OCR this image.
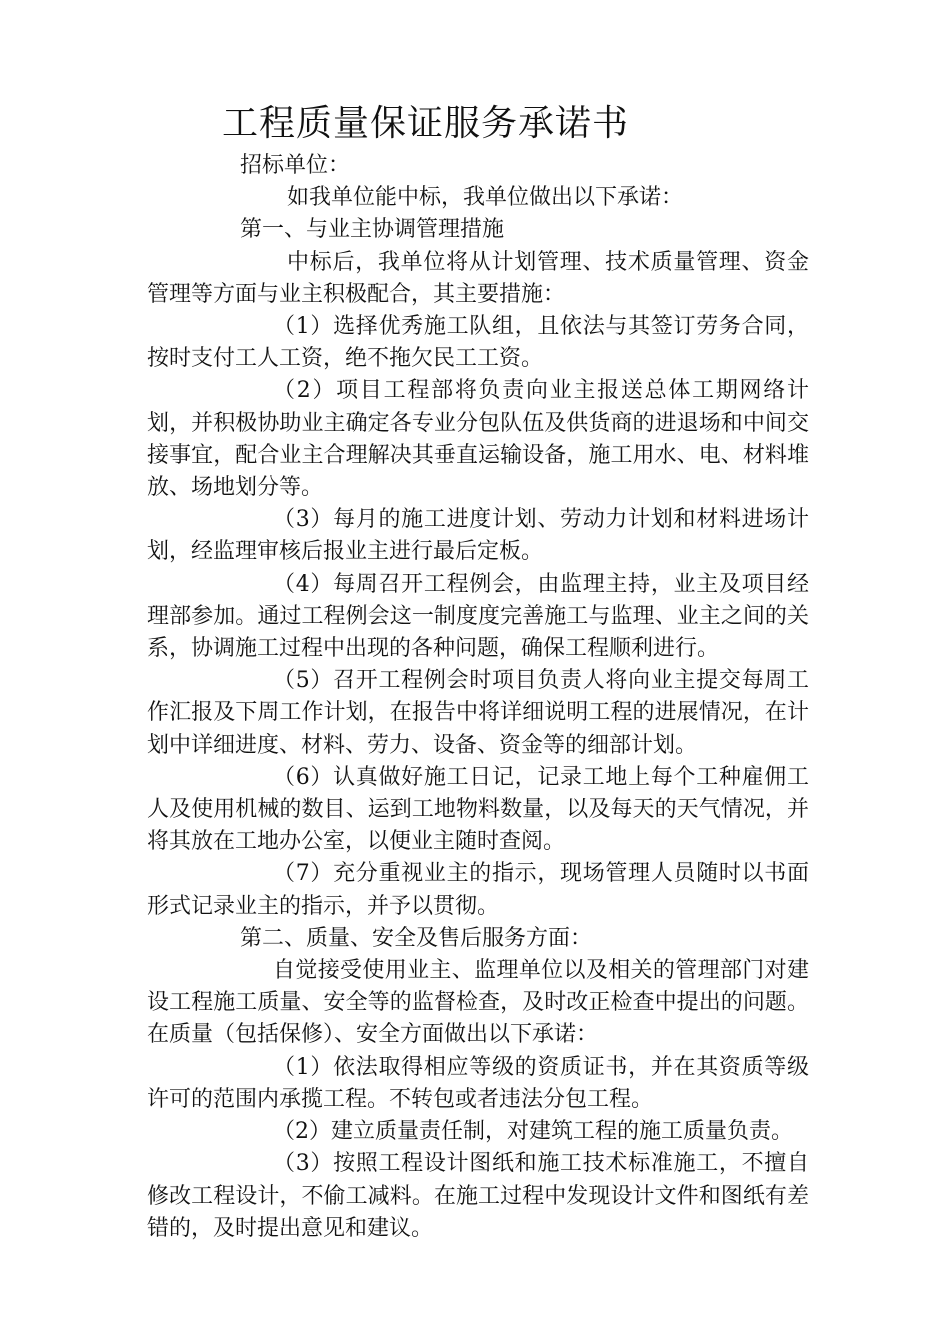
工程质量保证服务承诺书

招标单位：

如我单位能中标，我单位做出以下承诺：

第一、与业主协调管理措施

中标后，我单位将从计划管理、技术质量管理、资金管理等方面与业主积极配合，其主要措施：

（1）选择优秀施工队组，且依法与其签订劳务合同，按时支付工人工资，绝不拖欠民工工资。

（2）项目工程部将负责向业主报送总体工期网络计划，并积极协助业主确定各专业分包队伍及供货商的进退场和中间交接事宜，配合业主合理解决其垂直运输设备，施工用水、电、材料堆放、场地划分等。

（3）每月的施工进度计划、劳动力计划和材料进场计划，经监理审核后报业主进行最后定板。

（4）每周召开工程例会，由监理主持，业主及项目经理部参加。通过工程例会这一制度度完善施工与监理、业主之间的关系，协调施工过程中出现的各种问题，确保工程顺利进行。

（5）召开工程例会时项目负责人将向业主提交每周工作汇报及下周工作计划，在报告中将详细说明工程的进展情况，在计划中详细进度、材料、劳力、设备、资金等的细部计划。

（6）认真做好施工日记，记录工地上每个工种雇佣工人及使用机械的数目、运到工地物料数量，以及每天的天气情况，并将其放在工地办公室，以便业主随时查阅。

（7）充分重视业主的指示，现场管理人员随时以书面形式记录业主的指示，并予以贯彻。

第二、质量、安全及售后服务方面：

自觉接受使用业主、监理单位以及相关的管理部门对建设工程施工质量、安全等的监督检查，及时改正检查中提出的问题。在质量（包括保修）、安全方面做出以下承诺：

（1）依法取得相应等级的资质证书，并在其资质等级许可的范围内承揽工程。不转包或者违法分包工程。

（2）建立质量责任制，对建筑工程的施工质量负责。

（3）按照工程设计图纸和施工技术标准施工，不擅自修改工程设计，不偷工减料。在施工过程中发现设计文件和图纸有差错的，及时提出意见和建议。
